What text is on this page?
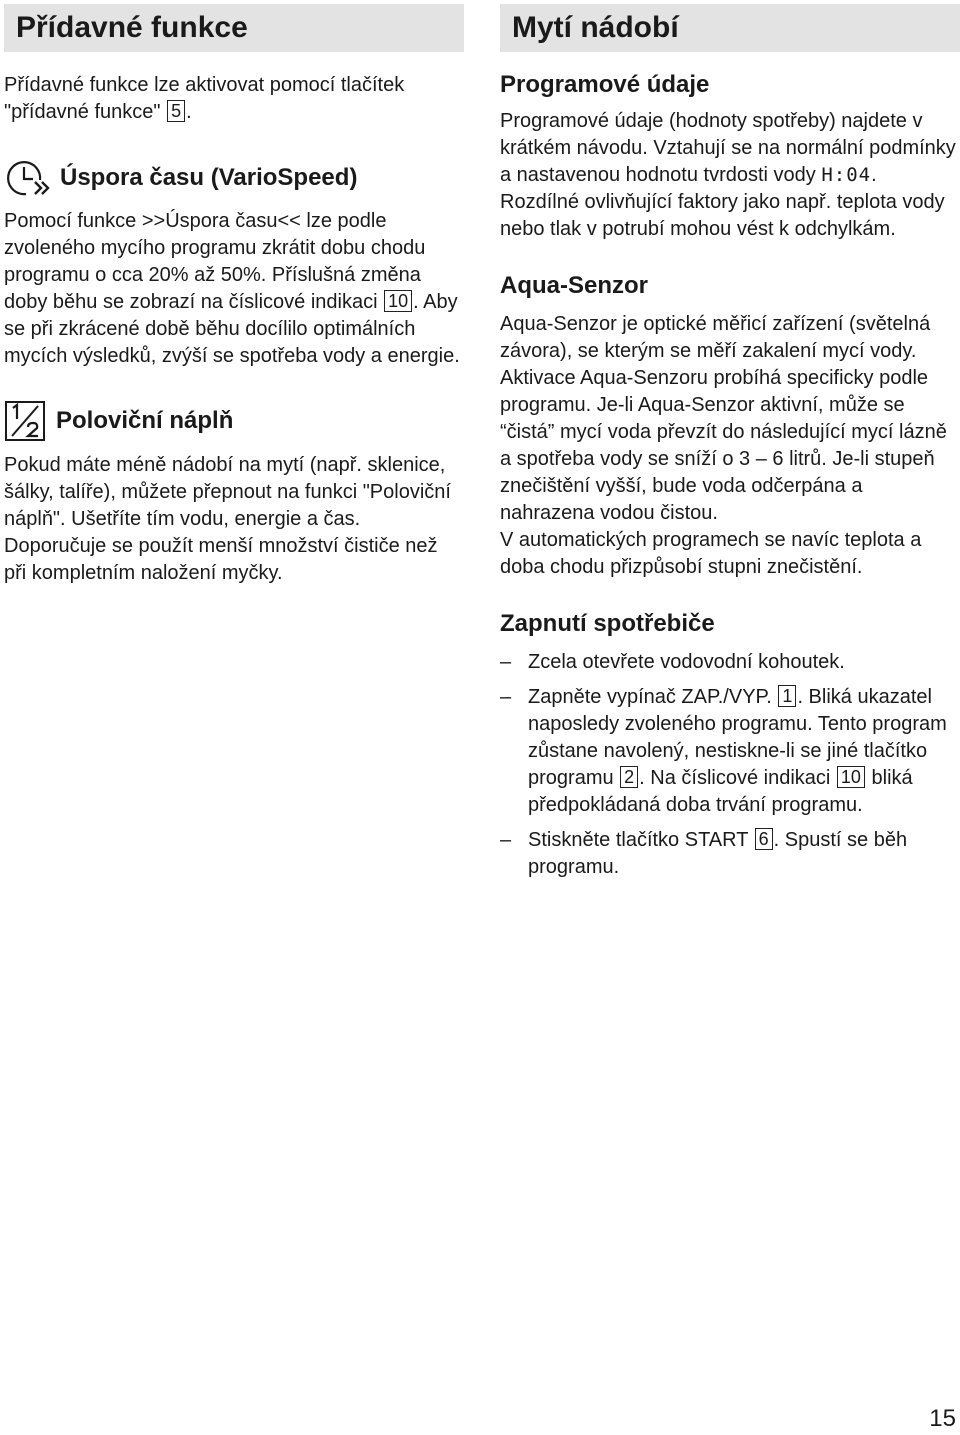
Přídavné funkce

Přídavné funkce lze aktivovat pomocí tlačítek "přídavné funkce" 5 .

Úspora času (VarioSpeed)

Pomocí funkce >>Úspora času<< lze podle zvoleného mycího programu zkrátit dobu chodu programu o cca 20% až 50%. Příslušná změna doby běhu se zobrazí na číslicové indikaci 10 . Aby se při zkrácené době běhu docílilo optimálních mycích výsledků, zvýší se spotřeba vody a energie.

Poloviční náplň

Pokud máte méně nádobí na mytí (např. sklenice, šálky, talíře), můžete přepnout na funkci "Poloviční náplň". Ušetříte tím vodu, energie a čas. Doporučuje se použít menší množství čističe než při kompletním naložení myčky.

Mytí nádobí
Programové údaje

Programové údaje (hodnoty spotřeby) najdete v krátkém návodu. Vztahují se na normální podmínky a nastavenou hodnotu tvrdosti vody H:04. Rozdílné ovlivňující faktory jako např. teplota vody nebo tlak v potrubí mohou vést k odchylkám.

Aqua-Senzor

Aqua-Senzor je optické měřicí zařízení (světelná závora), se kterým se měří zakalení mycí vody.

Aktivace Aqua-Senzoru probíhá specificky podle programu. Je-li Aqua-Senzor aktivní, může se “čistá” mycí voda převzít do následující mycí lázně a spotřeba vody se sníží o 3 – 6 litrů. Je-li stupeň znečištění vyšší, bude voda odčerpána a nahrazena vodou čistou.

V automatických programech se navíc teplota a doba chodu přizpůsobí stupni znečistění.

Zapnutí spotřebiče
– Zcela otevřete vodovodní kohoutek.
– Zapněte vypínač ZAP./VYP. 1 . Bliká ukazatel naposledy zvoleného programu. Tento program zůstane navolený, nestiskne-li se jiné tlačítko programu 2 . Na číslicové indikaci 10 bliká předpokládaná doba trvání programu.
– Stiskněte tlačítko START 6 . Spustí se běh programu.
15
